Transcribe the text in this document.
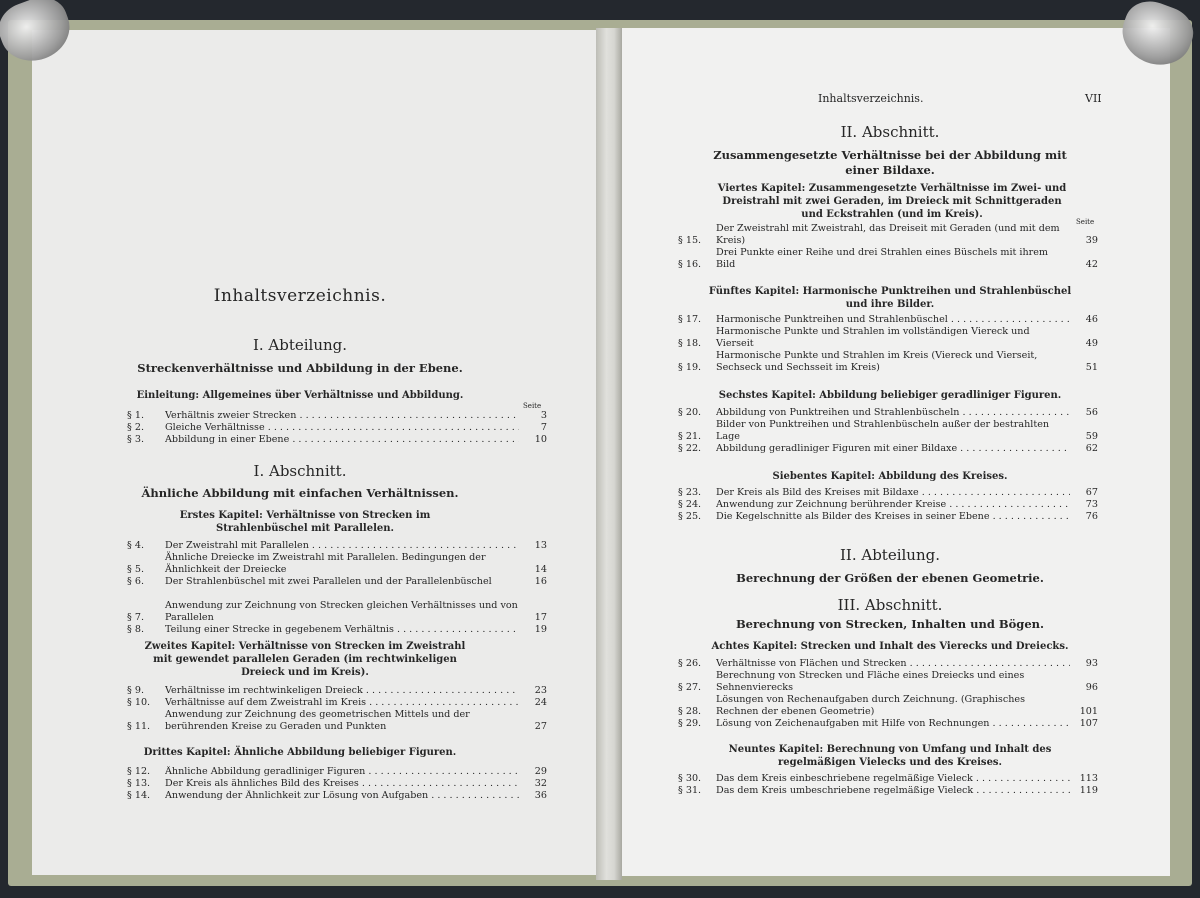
Inhaltsverzeichnis.
I. Abteilung.
Streckenverhältnisse und Abbildung in der Ebene.
Einleitung: Allgemeines über Verhältnisse und Abbildung.
Seite
§ 1.	Verhältnis zweier Strecken . . .	3
§ 2.	Gleiche Verhältnisse . . .	7
§ 3.	Abbildung in einer Ebene . . .	10
I. Abschnitt.
Ähnliche Abbildung mit einfachen Verhältnissen.
Erstes Kapitel: Verhältnisse von Strecken im Strahlenbüschel mit Parallelen.
§ 4.	Der Zweistrahl mit Parallelen . . .	13
§ 5.
Ähnliche Dreiecke im Zweistrahl mit Parallelen. Bedingungen der Ähnlichkeit der Dreiecke	14
§ 6.	Der Strahlenbüschel mit zwei Parallelen und der Parallelenbüschel	16
§ 7.
Anwendung zur Zeichnung von Strecken gleichen Verhältnisses und von Parallelen	17
§ 8.	Teilung einer Strecke in gegebenem Verhältnis . . .	19
Zweites Kapitel: Verhältnisse von Strecken im Zweistrahl mit gewendet parallelen Geraden (im rechtwinkeligen Dreieck und im Kreis).
§ 9.	Verhältnisse im rechtwinkeligen Dreieck . . .	23
§ 10.	Verhältnisse auf dem Zweistrahl im Kreis . . .	24
§ 11.
Anwendung zur Zeichnung des geometrischen Mittels und der berührenden Kreise zu Geraden und Punkten	27
Drittes Kapitel: Ähnliche Abbildung beliebiger Figuren.
§ 12.	Ähnliche Abbildung geradliniger Figuren . . .	29
§ 13.	Der Kreis als ähnliches Bild des Kreises . . .	32
§ 14.	Anwendung der Ähnlichkeit zur Lösung von Aufgaben . . .	36
Inhaltsverzeichnis.	VII
II. Abschnitt.
Zusammengesetzte Verhältnisse bei der Abbildung mit einer Bildaxe.
Viertes Kapitel: Zusammengesetzte Verhältnisse im Zwei- und Dreistrahl mit zwei Geraden, im Dreieck mit Schnittgeraden und Eckstrahlen (und im Kreis).
Seite
§ 15.
Der Zweistrahl mit Zweistrahl, das Dreiseit mit Geraden (und mit dem Kreis)	39
§ 16.
Drei Punkte einer Reihe und drei Strahlen eines Büschels mit ihrem Bild	42
Fünftes Kapitel: Harmonische Punktreihen und Strahlenbüschel und ihre Bilder.
§ 17.	Harmonische Punktreihen und Strahlenbüschel . . .	46
§ 18.
Harmonische Punkte und Strahlen im vollständigen Viereck und Vierseit	49
§ 19.
Harmonische Punkte und Strahlen im Kreis (Viereck und Vierseit, Sechseck und Sechsseit im Kreis)	51
Sechstes Kapitel: Abbildung beliebiger geradliniger Figuren.
§ 20.	Abbildung von Punktreihen und Strahlenbüscheln . . .	56
§ 21.
Bilder von Punktreihen und Strahlenbüscheln außer der bestrahlten Lage	59
§ 22.	Abbildung geradliniger Figuren mit einer Bildaxe . . .	62
Siebentes Kapitel: Abbildung des Kreises.
§ 23.	Der Kreis als Bild des Kreises mit Bildaxe . . .	67
§ 24.	Anwendung zur Zeichnung berührender Kreise . . .	73
§ 25.	Die Kegelschnitte als Bilder des Kreises in seiner Ebene . . .	76
II. Abteilung.
Berechnung der Größen der ebenen Geometrie.
III. Abschnitt.
Berechnung von Strecken, Inhalten und Bögen.
Achtes Kapitel: Strecken und Inhalt des Vierecks und Dreiecks.
§ 26.	Verhältnisse von Flächen und Strecken . . .	93
§ 27.
Berechnung von Strecken und Fläche eines Dreiecks und eines Sehnenvierecks	96
§ 28.
Lösungen von Rechenaufgaben durch Zeichnung. (Graphisches Rechnen der ebenen Geometrie)	101
§ 29.	Lösung von Zeichenaufgaben mit Hilfe von Rechnungen . . .	107
Neuntes Kapitel: Berechnung von Umfang und Inhalt des regelmäßigen Vielecks und des Kreises.
§ 30.	Das dem Kreis einbeschriebene regelmäßige Vieleck . . .	113
§ 31.	Das dem Kreis umbeschriebene regelmäßige Vieleck . . .	119
